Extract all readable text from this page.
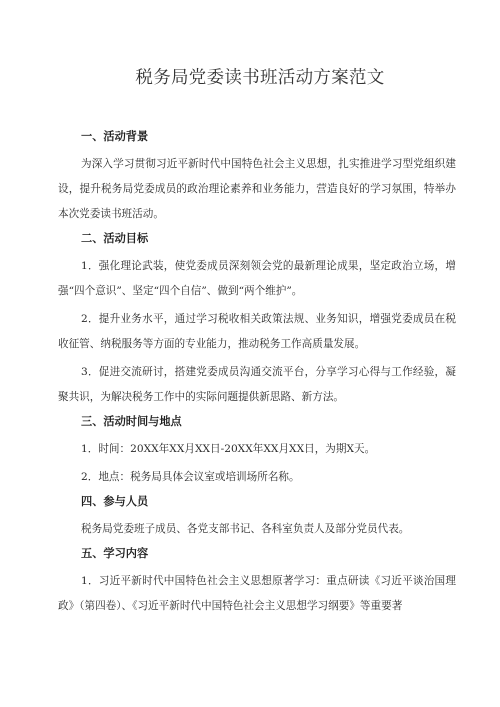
税务局党委读书班活动方案范文
一、活动背景

为深入学习贯彻习近平新时代中国特色社会主义思想，扎实推进学习型党组织建设，提升税务局党委成员的政治理论素养和业务能力，营造良好的学习氛围，特举办本次党委读书班活动。

二、活动目标

1．强化理论武装，使党委成员深刻领会党的最新理论成果，坚定政治立场，增强“四个意识”、坚定“四个自信”、做到“两个维护”。

2．提升业务水平，通过学习税收相关政策法规、业务知识，增强党委成员在税收征管、纳税服务等方面的专业能力，推动税务工作高质量发展。

3．促进交流研讨，搭建党委成员沟通交流平台，分享学习心得与工作经验，凝聚共识，为解决税务工作中的实际问题提供新思路、新方法。

三、活动时间与地点

1．时间：20XX年XX月XX日-20XX年XX月XX日，为期X天。

2．地点：税务局具体会议室或培训场所名称。

四、参与人员

税务局党委班子成员、各党支部书记、各科室负责人及部分党员代表。

五、学习内容

1．习近平新时代中国特色社会主义思想原著学习：重点研读《习近平谈治国理政》（第四卷）、《习近平新时代中国特色社会主义思想学习纲要》等重要著
